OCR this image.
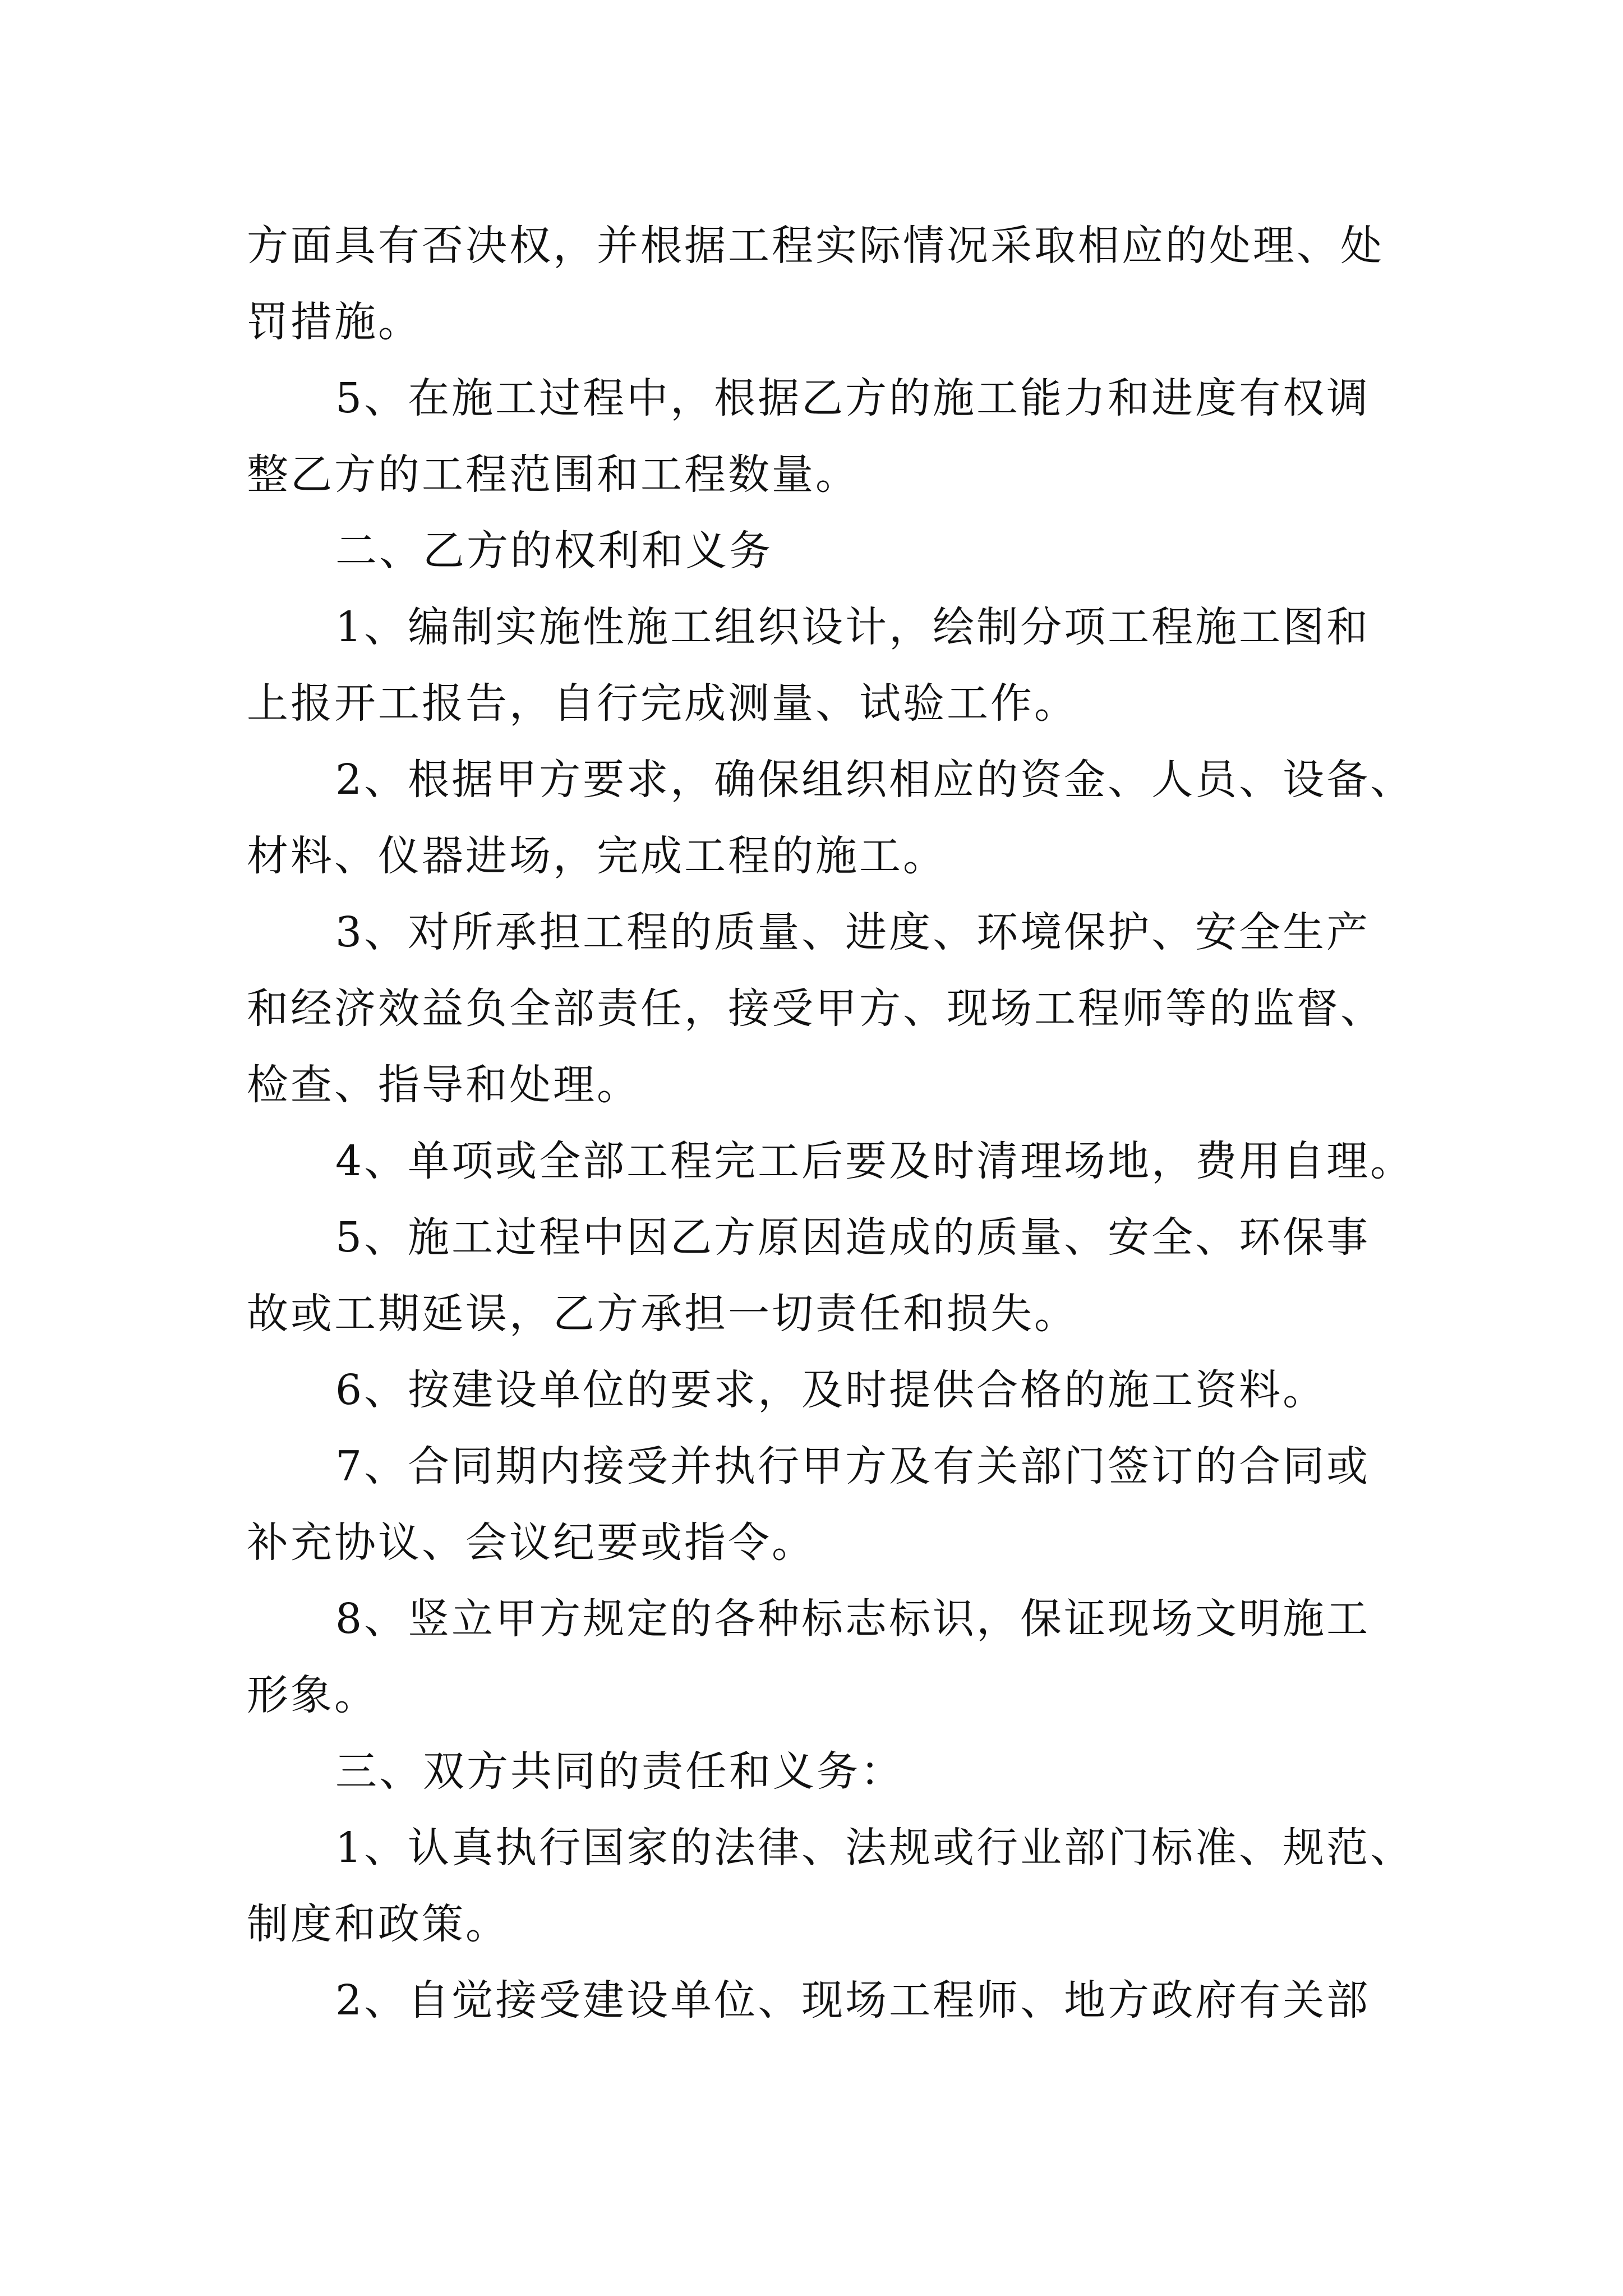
方面具有否决权，并根据工程实际情况采取相应的处理、处
罚措施。
5、在施工过程中，根据乙方的施工能力和进度有权调
整乙方的工程范围和工程数量。
二、乙方的权利和义务
1、编制实施性施工组织设计，绘制分项工程施工图和
上报开工报告，自行完成测量、试验工作。
2、根据甲方要求，确保组织相应的资金、人员、设备、
材料、仪器进场，完成工程的施工。
3、对所承担工程的质量、进度、环境保护、安全生产
和经济效益负全部责任，接受甲方、现场工程师等的监督、
检查、指导和处理。
4、单项或全部工程完工后要及时清理场地，费用自理。
5、施工过程中因乙方原因造成的质量、安全、环保事
故或工期延误，乙方承担一切责任和损失。
6、按建设单位的要求，及时提供合格的施工资料。
7、合同期内接受并执行甲方及有关部门签订的合同或
补充协议、会议纪要或指令。
8、竖立甲方规定的各种标志标识，保证现场文明施工
形象。
三、双方共同的责任和义务：
1、认真执行国家的法律、法规或行业部门标准、规范、
制度和政策。
2、自觉接受建设单位、现场工程师、地方政府有关部
